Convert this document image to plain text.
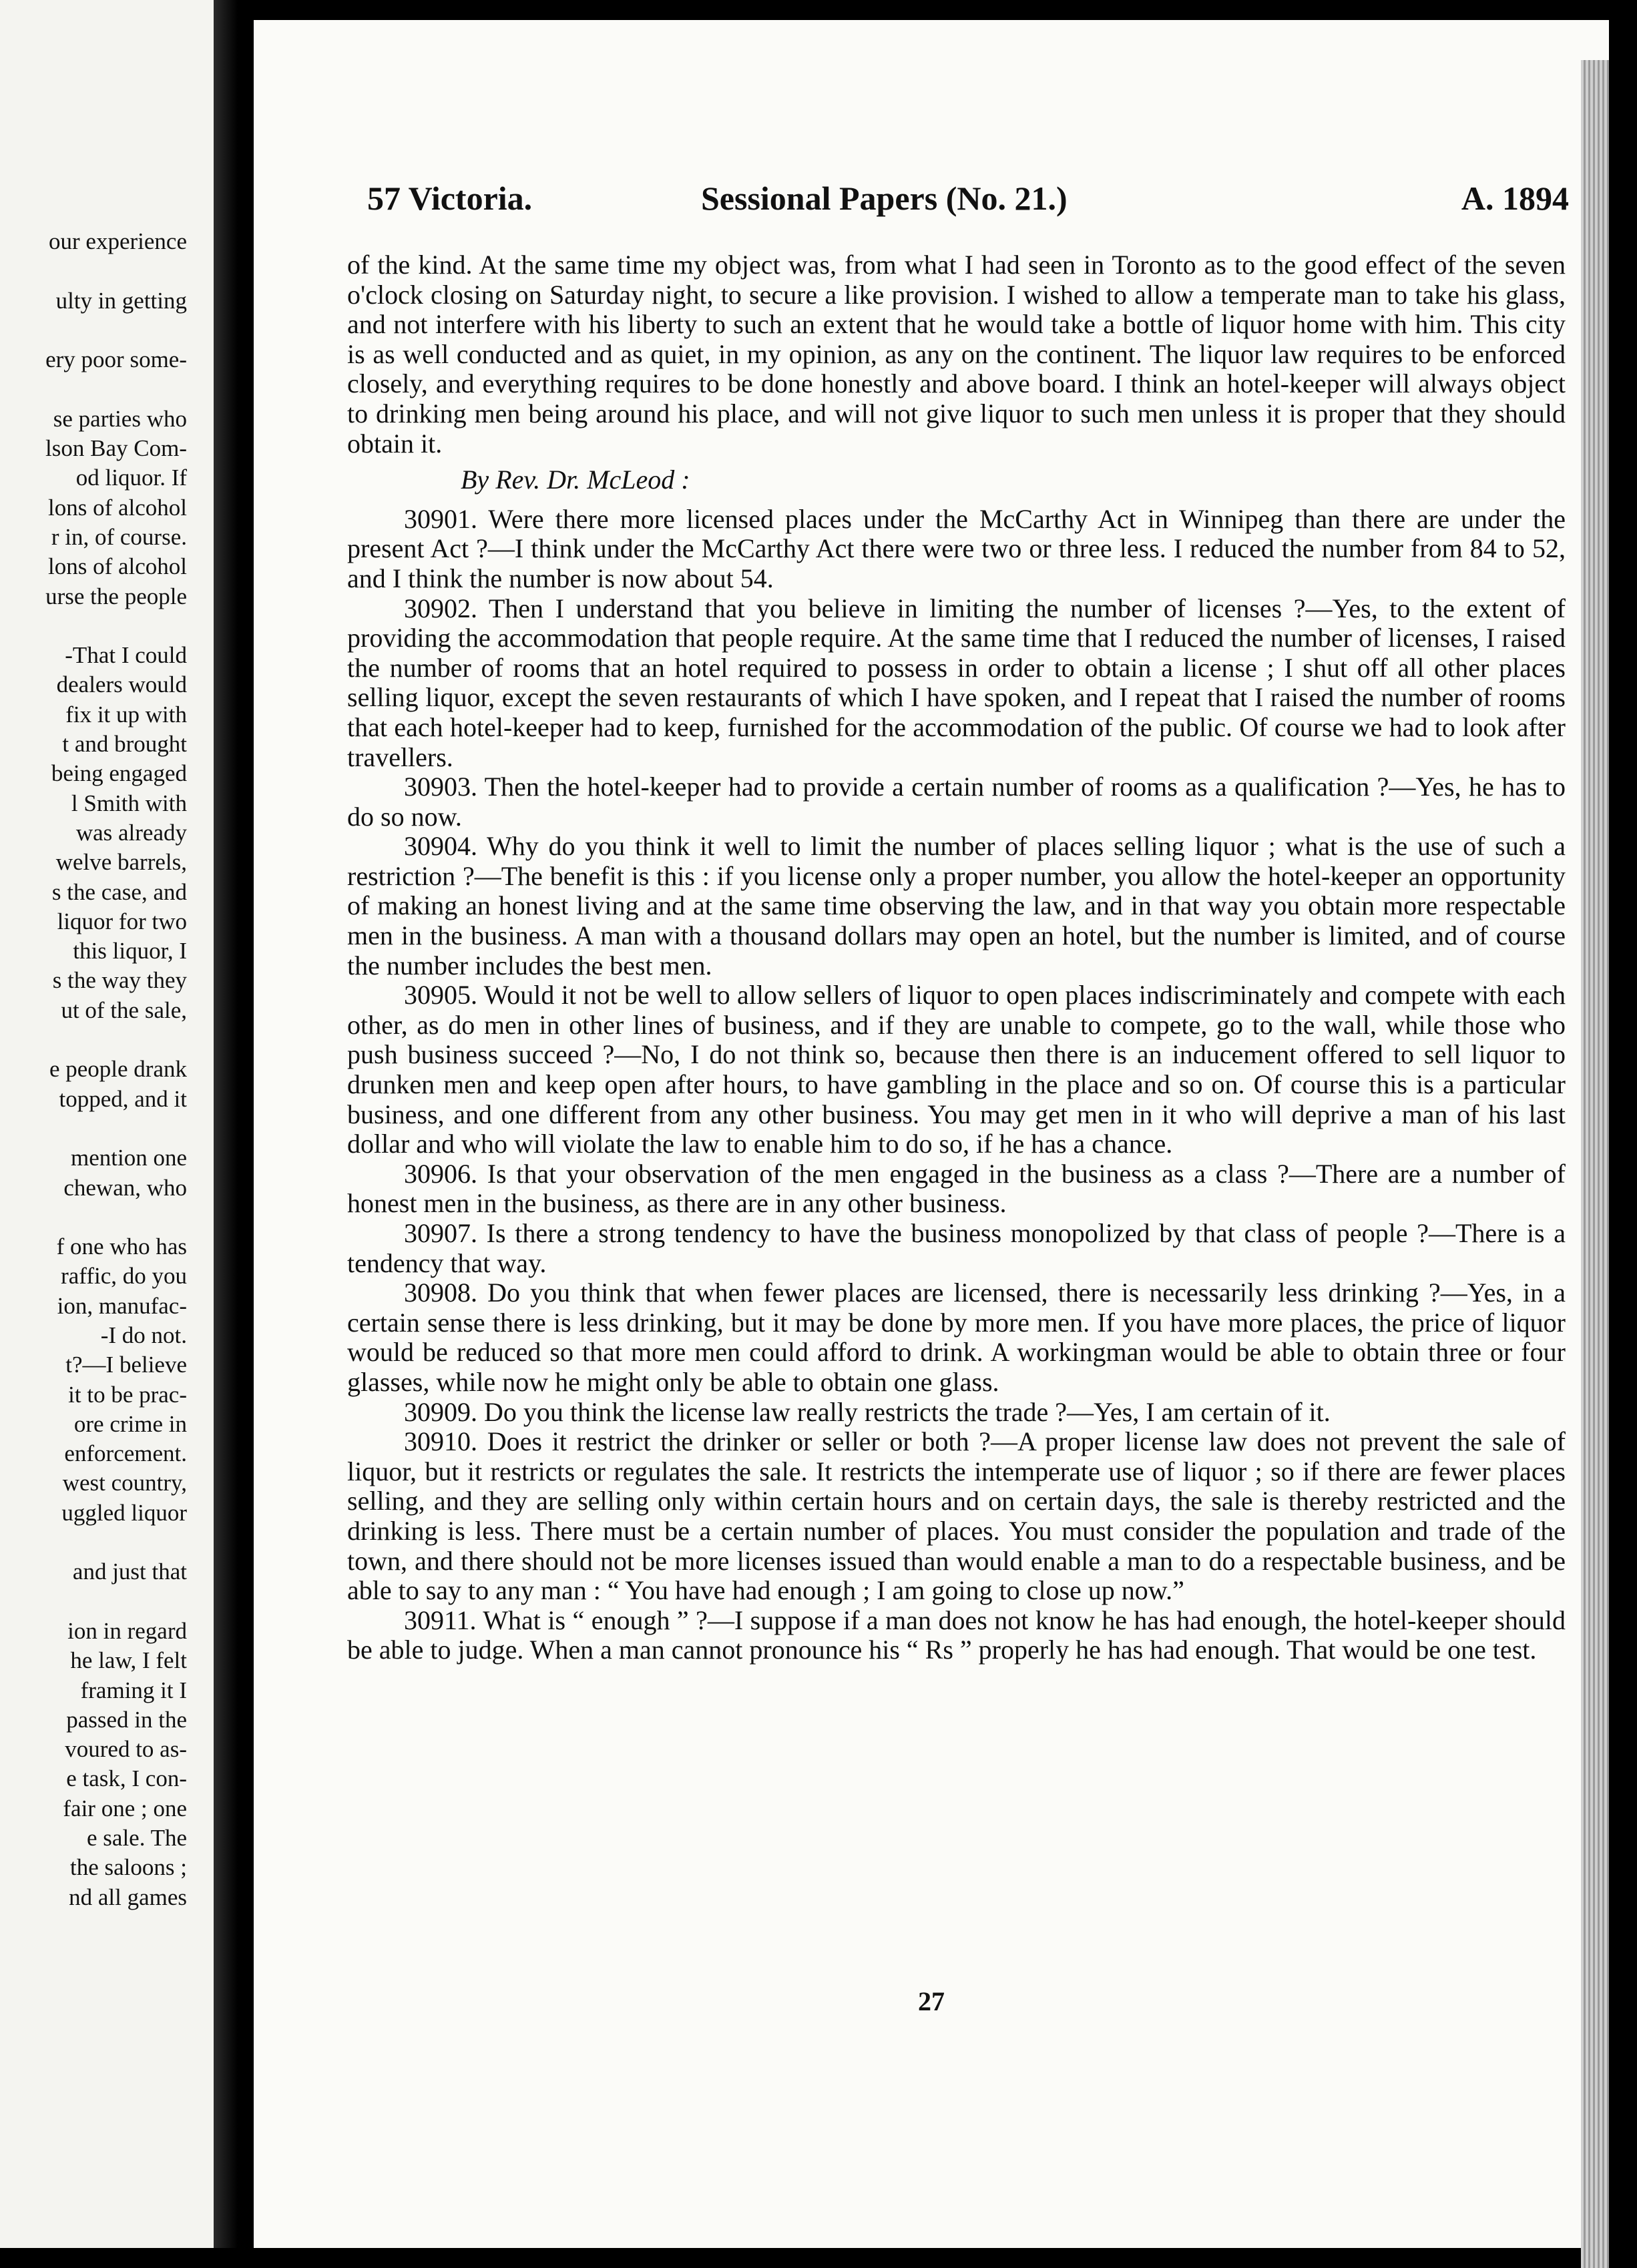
our experience
ulty in getting
ery poor some-
se parties who
lson Bay Com-
od liquor. If
lons of alcohol
r in, of course.
lons of alcohol
urse the people
-That I could
dealers would
fix it up with
t and brought
being engaged
l Smith with
was already
welve barrels,
s the case, and
liquor for two
this liquor, I
s the way they
ut of the sale,
e people drank
topped, and it
mention one
chewan, who
f one who has
raffic, do you
ion, manufac-
-I do not.
t?—I believe
it to be prac-
ore crime in
enforcement.
west country,
uggled liquor
and just that
ion in regard
he law, I felt
framing it I
passed in the
voured to as-
e task, I con-
fair one ; one
e sale. The
the saloons ;
nd all games
57 Victoria.	Sessional Papers (No. 21.)	A. 1894

of the kind. At the same time my object was, from what I had seen in Toronto as to the good effect of the seven o'clock closing on Saturday night, to secure a like provision. I wished to allow a temperate man to take his glass, and not interfere with his liberty to such an extent that he would take a bottle of liquor home with him. This city is as well conducted and as quiet, in my opinion, as any on the continent. The liquor law requires to be enforced closely, and everything requires to be done honestly and above board. I think an hotel-keeper will always object to drinking men being around his place, and will not give liquor to such men unless it is proper that they should obtain it.

By Rev. Dr. McLeod :

30901. Were there more licensed places under the McCarthy Act in Winnipeg than there are under the present Act ?—I think under the McCarthy Act there were two or three less. I reduced the number from 84 to 52, and I think the number is now about 54.

30902. Then I understand that you believe in limiting the number of licenses ?—Yes, to the extent of providing the accommodation that people require. At the same time that I reduced the number of licenses, I raised the number of rooms that an hotel required to possess in order to obtain a license ; I shut off all other places selling liquor, except the seven restaurants of which I have spoken, and I repeat that I raised the number of rooms that each hotel-keeper had to keep, furnished for the accommodation of the public. Of course we had to look after travellers.

30903. Then the hotel-keeper had to provide a certain number of rooms as a qualification ?—Yes, he has to do so now.

30904. Why do you think it well to limit the number of places selling liquor ; what is the use of such a restriction ?—The benefit is this : if you license only a proper number, you allow the hotel-keeper an opportunity of making an honest living and at the same time observing the law, and in that way you obtain more respectable men in the business. A man with a thousand dollars may open an hotel, but the number is limited, and of course the number includes the best men.

30905. Would it not be well to allow sellers of liquor to open places indiscriminately and compete with each other, as do men in other lines of business, and if they are unable to compete, go to the wall, while those who push business succeed ?—No, I do not think so, because then there is an inducement offered to sell liquor to drunken men and keep open after hours, to have gambling in the place and so on. Of course this is a particular business, and one different from any other business. You may get men in it who will deprive a man of his last dollar and who will violate the law to enable him to do so, if he has a chance.

30906. Is that your observation of the men engaged in the business as a class ?—There are a number of honest men in the business, as there are in any other business.

30907. Is there a strong tendency to have the business monopolized by that class of people ?—There is a tendency that way.

30908. Do you think that when fewer places are licensed, there is necessarily less drinking ?—Yes, in a certain sense there is less drinking, but it may be done by more men. If you have more places, the price of liquor would be reduced so that more men could afford to drink. A workingman would be able to obtain three or four glasses, while now he might only be able to obtain one glass.

30909. Do you think the license law really restricts the trade ?—Yes, I am certain of it.

30910. Does it restrict the drinker or seller or both ?—A proper license law does not prevent the sale of liquor, but it restricts or regulates the sale. It restricts the intemperate use of liquor ; so if there are fewer places selling, and they are selling only within certain hours and on certain days, the sale is thereby restricted and the drinking is less. There must be a certain number of places. You must consider the population and trade of the town, and there should not be more licenses issued than would enable a man to do a respectable business, and be able to say to any man : “ You have had enough ; I am going to close up now.”

30911. What is “ enough ” ?—I suppose if a man does not know he has had enough, the hotel-keeper should be able to judge. When a man cannot pronounce his “ Rs ” properly he has had enough. That would be one test.

27
